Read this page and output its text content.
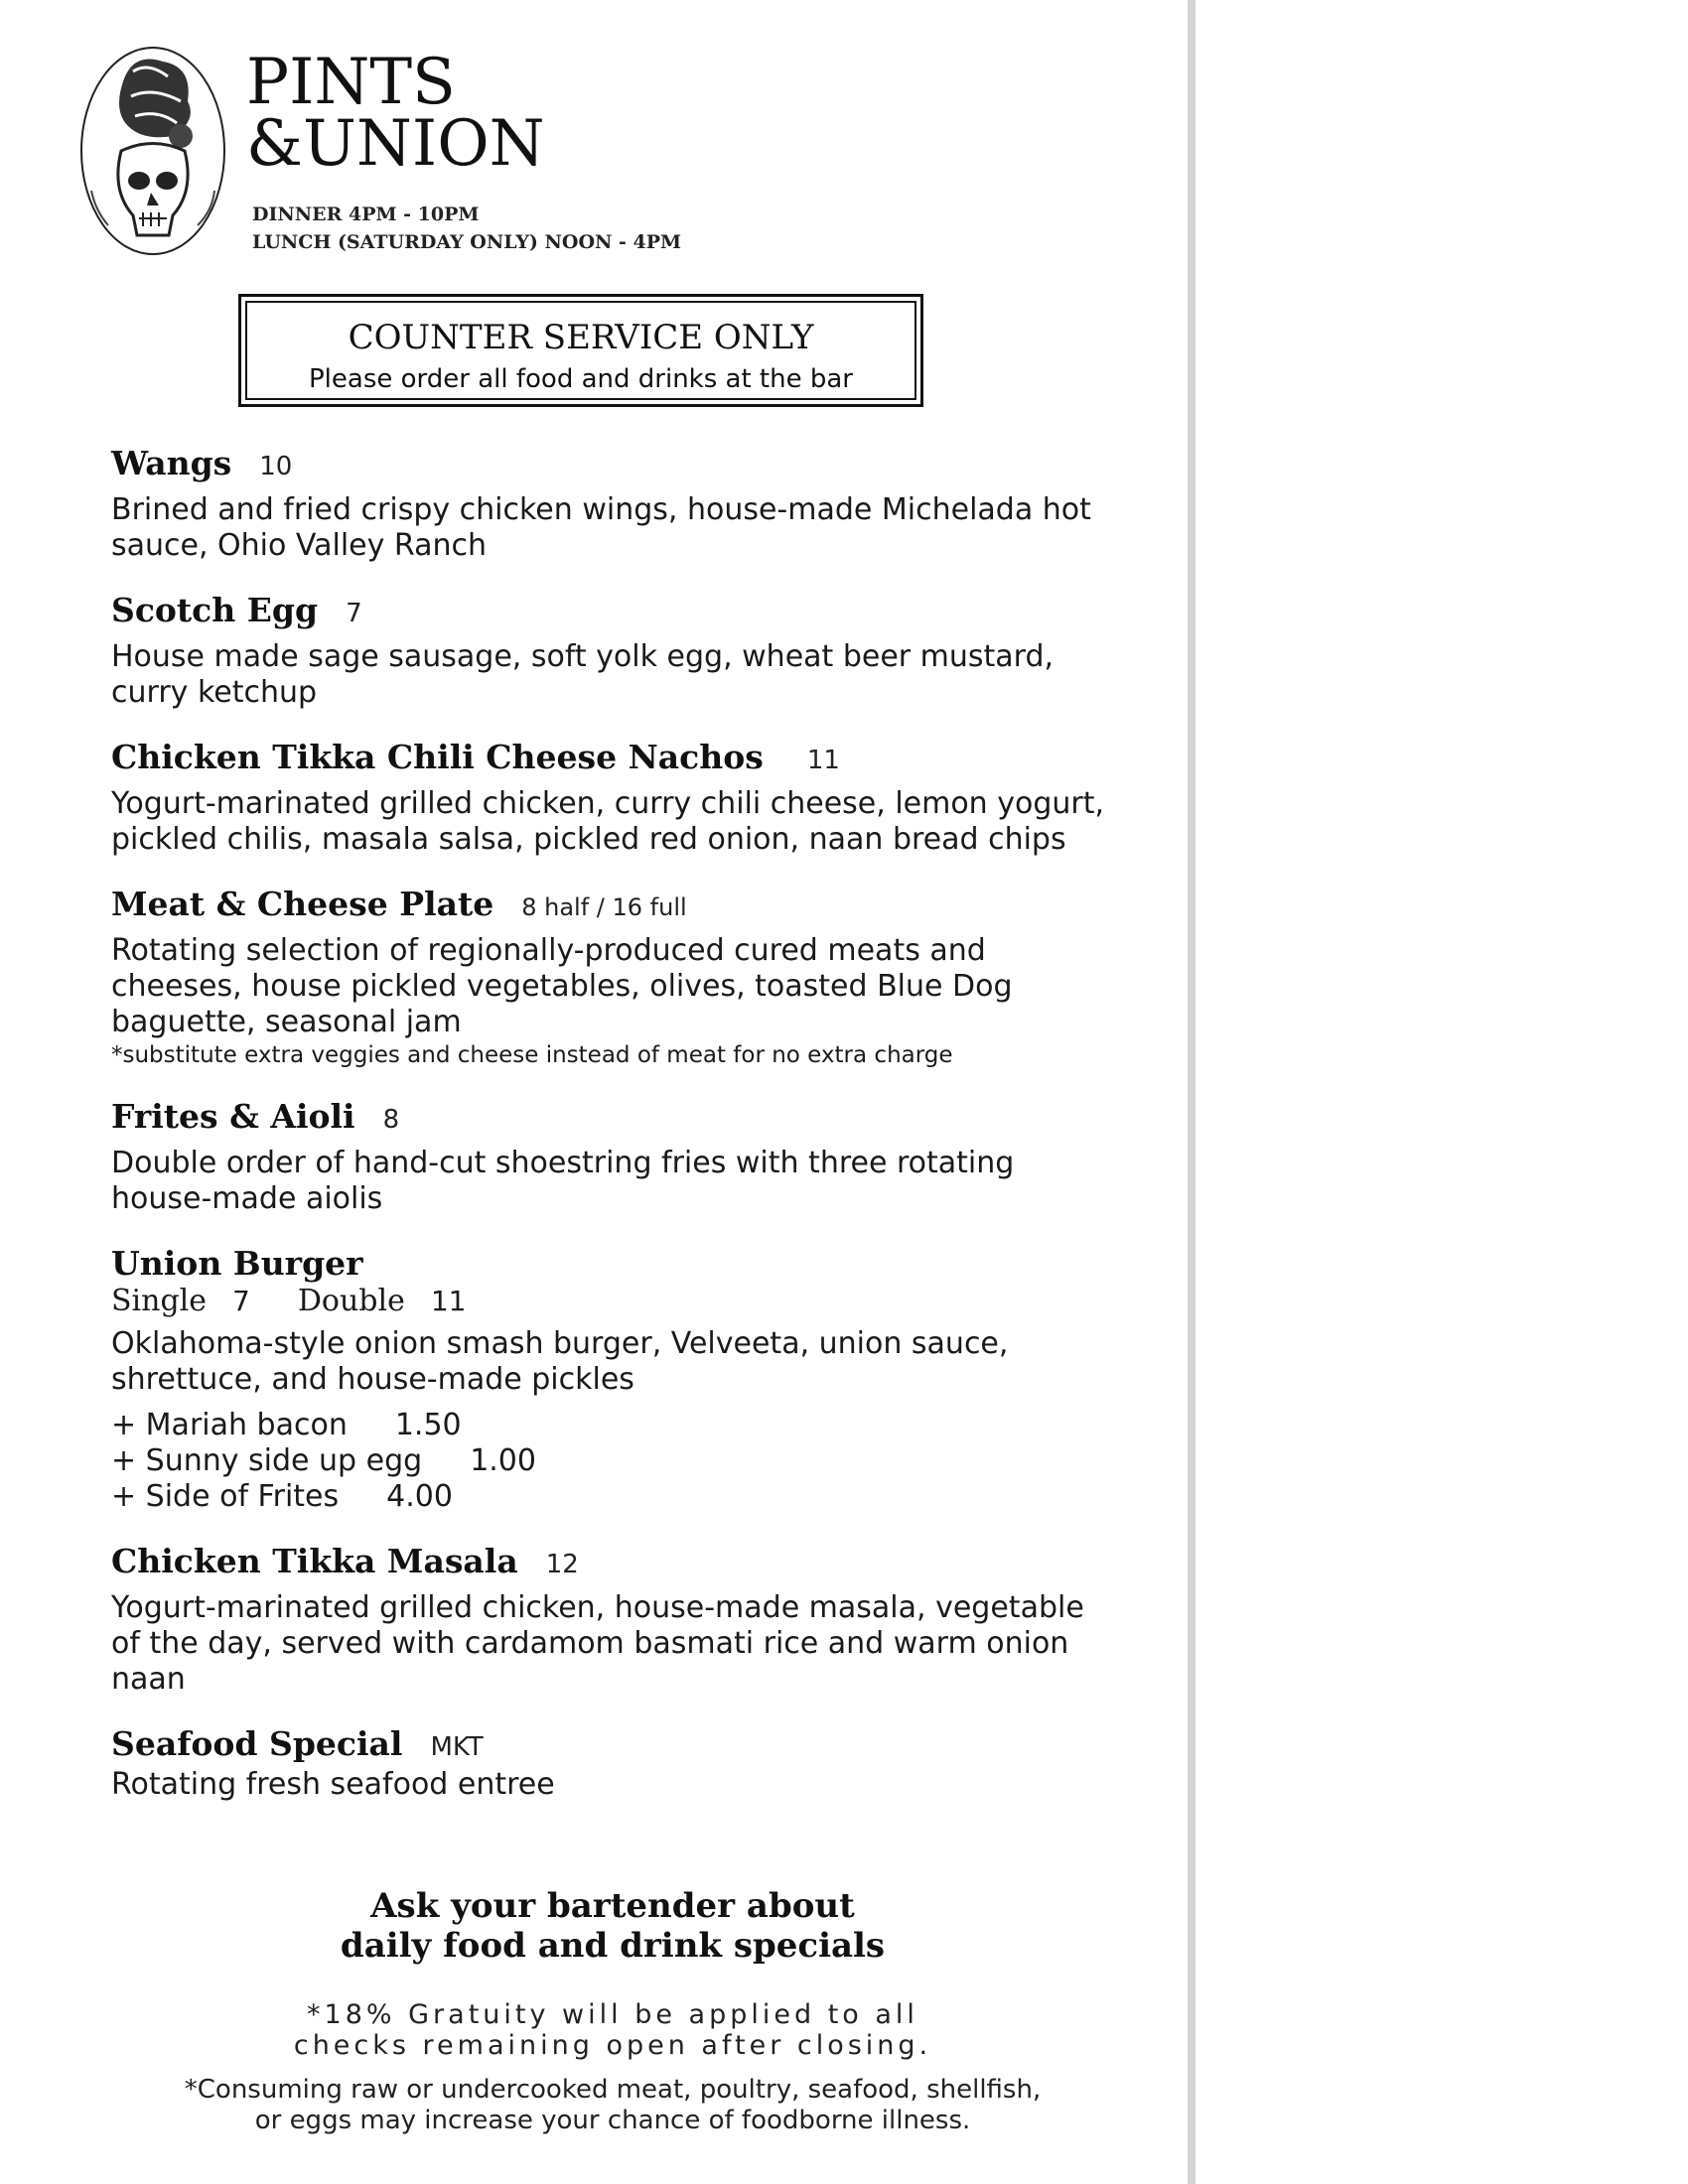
PINTS
&UNION
DINNER 4PM - 10PM
LUNCH (SATURDAY ONLY) NOON - 4PM
COUNTER SERVICE ONLY
Please order all food and drinks at the bar
Wangs 10
Brined and fried crispy chicken wings, house-made Michelada hot sauce, Ohio Valley Ranch
Scotch Egg 7
House made sage sausage, soft yolk egg, wheat beer mustard, curry ketchup
Chicken Tikka Chili Cheese Nachos 11
Yogurt-marinated grilled chicken, curry chili cheese, lemon yogurt, pickled chilis, masala salsa, pickled red onion, naan bread chips
Meat & Cheese Plate 8 half / 16 full
Rotating selection of regionally-produced cured meats and cheeses, house pickled vegetables, olives, toasted Blue Dog baguette, seasonal jam
*substitute extra veggies and cheese instead of meat for no extra charge
Frites & Aioli 8
Double order of hand-cut shoestring fries with three rotating house-made aiolis
Union Burger
Single 7 Double 11
Oklahoma-style onion smash burger, Velveeta, union sauce, shrettuce, and house-made pickles
+ Mariah bacon 1.50
+ Sunny side up egg 1.00
+ Side of Frites 4.00
Chicken Tikka Masala 12
Yogurt-marinated grilled chicken, house-made masala, vegetable of the day, served with cardamom basmati rice and warm onion naan
Seafood Special MKT
Rotating fresh seafood entree
Ask your bartender about
daily food and drink specials
*18% Gratuity will be applied to all
checks remaining open after closing.
*Consuming raw or undercooked meat, poultry, seafood, shellfish,
or eggs may increase your chance of foodborne illness.
